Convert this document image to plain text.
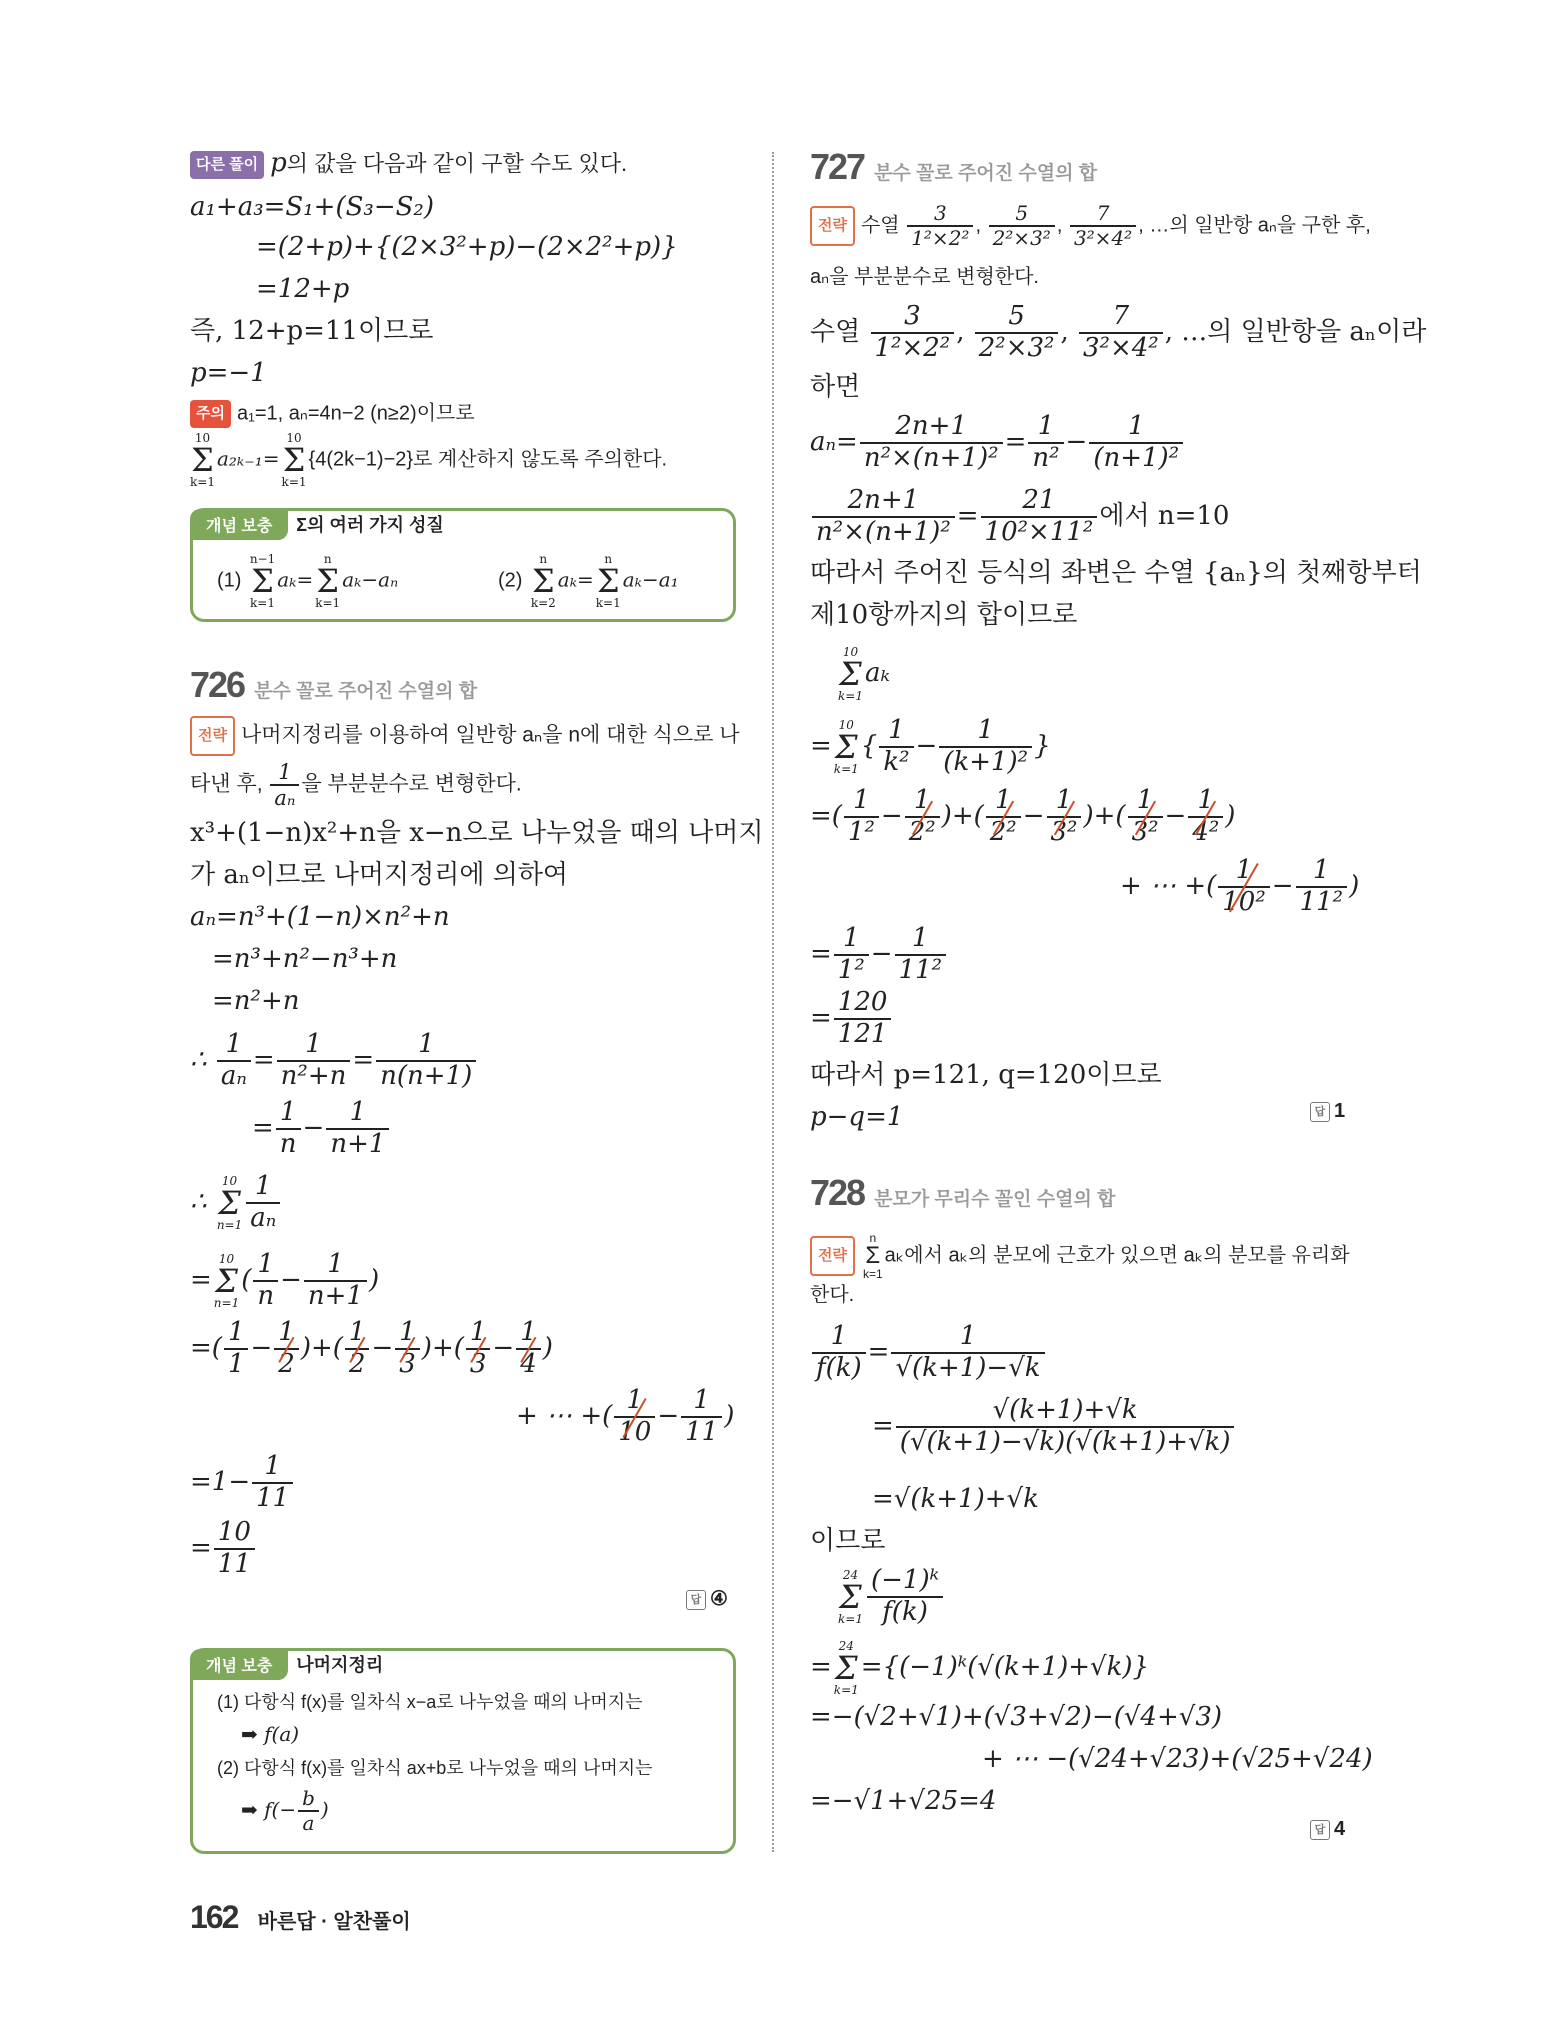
다른 풀이 p의 값을 다음과 같이 구할 수도 있다.
a₁+a₃=S₁+(S₃−S₂)
=(2+p)+{(2×3²+p)−(2×2²+p)}
=12+p
즉, 12+p=11이므로
p=−1
주의 a₁=1, aₙ=4n−2 (n≥2)이므로
10
Σ
k=1
a₂ₖ₋₁=
10
Σ
k=1
{4(2k−1)−2}로 계산하지 않도록 주의한다.
개념 보충 Σ의 여러 가지 성질
(1)
n−1
Σ
k=1
aₖ=
n
Σ
k=1
aₖ−aₙ	(2)
n
Σ
k=2
aₖ=
n
Σ
k=1
aₖ−a₁
726 분수 꼴로 주어진 수열의 합
전략 나머지정리를 이용하여 일반항 aₙ을 n에 대한 식으로 나
타낸 후, $\frac{1}{\text{aₙ}}$ 을 부분분수로 변형한다.
x³+(1−n)x²+n을 x−n으로 나누었을 때의 나머지
가 aₙ이므로 나머지정리에 의하여
aₙ=n³+(1−n)×n²+n
=n³+n²−n³+n
=n²+n
∴ $\frac{1}{\text{aₙ}} = \frac{1}{\text{n²+n}} = \frac{1}{n(n+1)}$
= $\frac{1}{n} - \frac{1}{n+1}$
∴
10
Σ
$n=1 \frac{1}{\text{aₙ}}$
=
10
Σ
n=1
( $\frac{1}{n} - \frac{1}{n+1}$ )
=( $\frac{1}{1} - \frac{1}{2}$ )+( $\frac{1}{2} - \frac{1}{3}$ )+( $\frac{1}{3} - \frac{1}{4}$ )
+ ⋯ +( $\frac{1}{10} - \frac{1}{11}$ )
$=1- \frac{1}{11}$
= $\frac{10}{11}$
답 ④
개념 보충 나머지정리
(1) 다항식 f(x)를 일차식 x−a로 나누었을 때의 나머지는
➡ f(a)
(2) 다항식 f(x)를 일차식 ax+b로 나누었을 때의 나머지는
➡ $f(- \frac{b}{a}$ )
727 분수 꼴로 주어진 수열의 합
전략 수열 $\frac{3}{\text{1²×2²}}$ , $\frac{5}{\text{2²×3²}}$ , $\frac{7}{\text{3²×4²}}$ , …의 일반항 aₙ을 구한 후,
aₙ을 부분분수로 변형한다.
수열 $\frac{3}{\text{1²×2²}}$ , $\frac{5}{\text{2²×3²}}$ , $\frac{7}{\text{3²×4²}}$ , …의 일반항을 aₙ이라
하면
$a_n= \frac{2n+1}{\text{n²×(n+1)²}} = \frac{1}{\text{n²}} - \frac{1}{\text{(n+1)²}}$
$\frac{2n+1}{\text{n²×(n+1)²}} = \frac{21}{\text{10²×11²}}$ 에서 n=10
따라서 주어진 등식의 좌변은 수열 {aₙ}의 첫째항부터
제10항까지의 합이므로
10
Σ
k=1
aₖ
=
10
Σ
k=1
{ $\frac{1}{\text{k²}} - \frac{1}{\text{(k+1)²}}$ }
=( $\frac{1}{\text{1²}} - \frac{1}{\text{2²}}$ )+( $\frac{1}{\text{2²}} - \frac{1}{\text{3²}}$ )+( $\frac{1}{\text{3²}} - \frac{1}{\text{4²}}$ )
+ ⋯ +( $\frac{1}{\text{10²}} - \frac{1}{\text{11²}}$ )
= $\frac{1}{\text{1²}} - \frac{1}{\text{11²}}$
= $\frac{120}{121}$
따라서 p=121, q=120이므로
p−q=1	답 1
728 분모가 무리수 꼴인 수열의 합
전략
n
Σ
k=1
aₖ에서 aₖ의 분모에 근호가 있으면 aₖ의 분모를 유리화
한다.
$\frac{1}{f(k)} = \frac{1}{√(k+1)-√k}$
= $\frac{√(k+1)+√k}{(√(k+1)-√k)(√(k+1)+√k)}$
=√(k+1)+√k
이므로
24
Σ
$k=1 \frac{\text{(−1)ᵏ}}{f(k)}$
=
24
Σ
k=1
={(−1)ᵏ(√(k+1)+√k)}
=−(√2+√1)+(√3+√2)−(√4+√3)
+ ⋯ −(√24+√23)+(√25+√24)
=−√1+√25=4
답 4
162 바른답 · 알찬풀이
